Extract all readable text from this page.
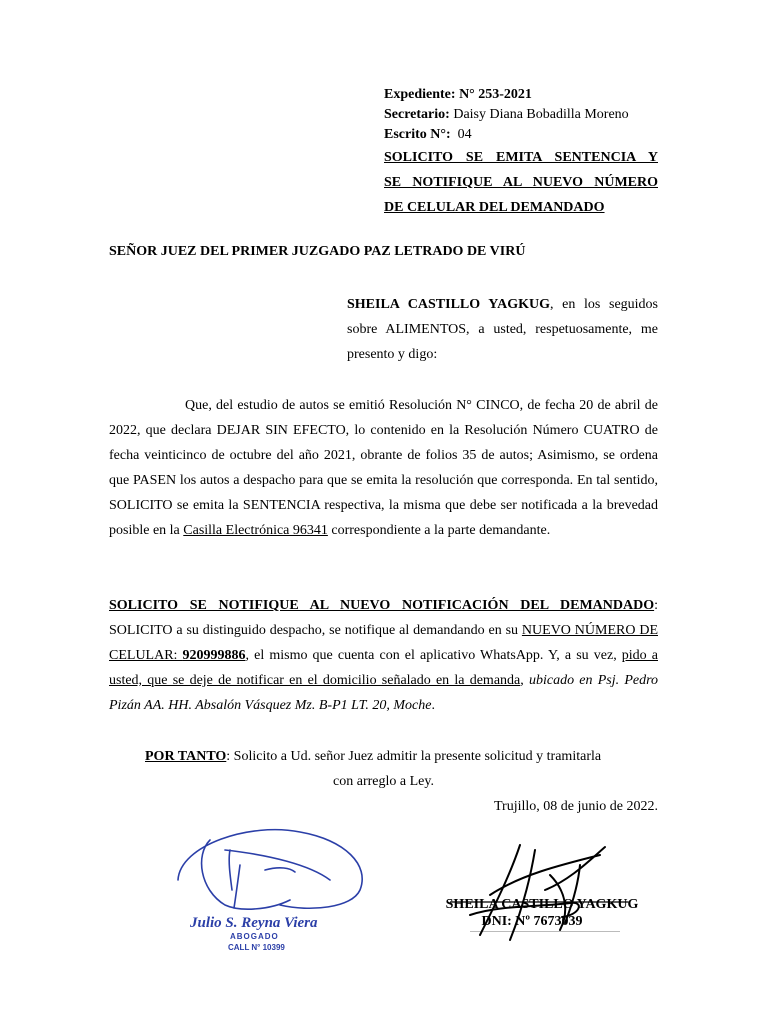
Expediente: N° 253-2021
Secretario: Daisy Diana Bobadilla Moreno
Escrito N°:  04
SOLICITO SE EMITA SENTENCIA Y
SE NOTIFIQUE AL NUEVO NÚMERO
DE CELULAR DEL DEMANDADO
SEÑOR JUEZ DEL PRIMER JUZGADO PAZ LETRADO DE VIRÚ
SHEILA CASTILLO YAGKUG, en los seguidos sobre ALIMENTOS, a usted, respetuosamente, me presento y digo:
Que, del estudio de autos se emitió Resolución N° CINCO, de fecha 20 de abril de 2022, que declara DEJAR SIN EFECTO, lo contenido en la Resolución Número CUATRO de fecha veinticinco de octubre del año 2021, obrante de folios 35 de autos; Asimismo, se ordena que PASEN los autos a despacho para que se emita la resolución que corresponda. En tal sentido, SOLICITO se emita la SENTENCIA respectiva, la misma que debe ser notificada a la brevedad posible en la Casilla Electrónica 96341 correspondiente a la parte demandante.
SOLICITO SE NOTIFIQUE AL NUEVO NOTIFICACIÓN DEL DEMANDADO: SOLICITO a su distinguido despacho, se notifique al demandando en su NUEVO NÚMERO DE CELULAR: 920999886, el mismo que cuenta con el aplicativo WhatsApp. Y, a su vez, pido a usted, que se deje de notificar en el domicilio señalado en la demanda, ubicado en Psj. Pedro Pizán AA. HH. Absalón Vásquez Mz. B-P1 LT. 20, Moche.
POR TANTO: Solicito a Ud. señor Juez admitir la presente solicitud y tramitarla
con arreglo a Ley.
Trujillo, 08 de junio de 2022.
Julio S. Reyna Viera
ABOGADO
CALL N° 10399
SHEILA CASTILLO YAGKUG
DNI: Nº 7673039
